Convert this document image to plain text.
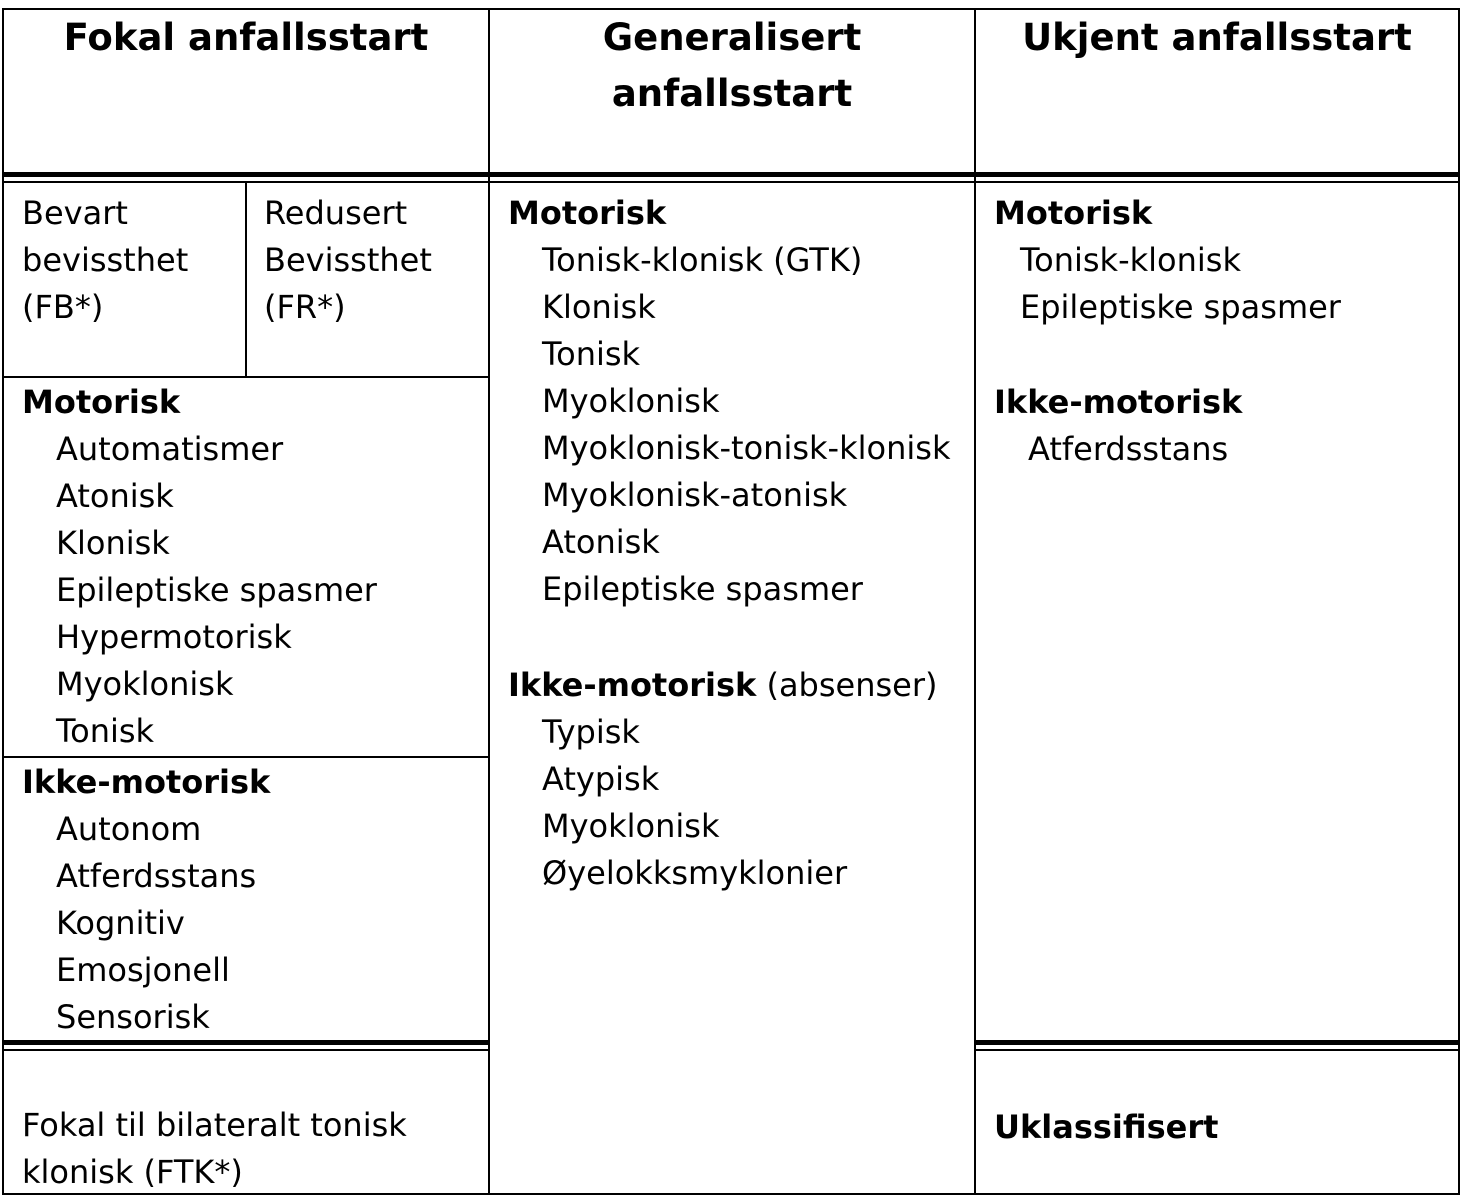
Fokal anfallsstart	Generalisert
anfallsstart
Ukjent anfallsstart
Bevart
bevissthet
(FB*)
Redusert
Bevissthet
(FR*)
Motorisk
Automatismer
Atonisk
Klonisk
Epileptiske spasmer
Hypermotorisk
Myoklonisk
Tonisk
Ikke-motorisk
Autonom
Atferdsstans
Kognitiv
Emosjonell
Sensorisk
Fokal til bilateralt tonisk
klonisk (FTK*)
Motorisk
Tonisk-klonisk (GTK)
Klonisk
Tonisk
Myoklonisk
Myoklonisk-tonisk-klonisk
Myoklonisk-atonisk
Atonisk
Epileptiske spasmer
Ikke-motorisk (absenser)
Typisk
Atypisk
Myoklonisk
Øyelokksmyklonier
Motorisk
Tonisk-klonisk
Epileptiske spasmer
Ikke-motorisk
Atferdsstans
Uklassifisert
